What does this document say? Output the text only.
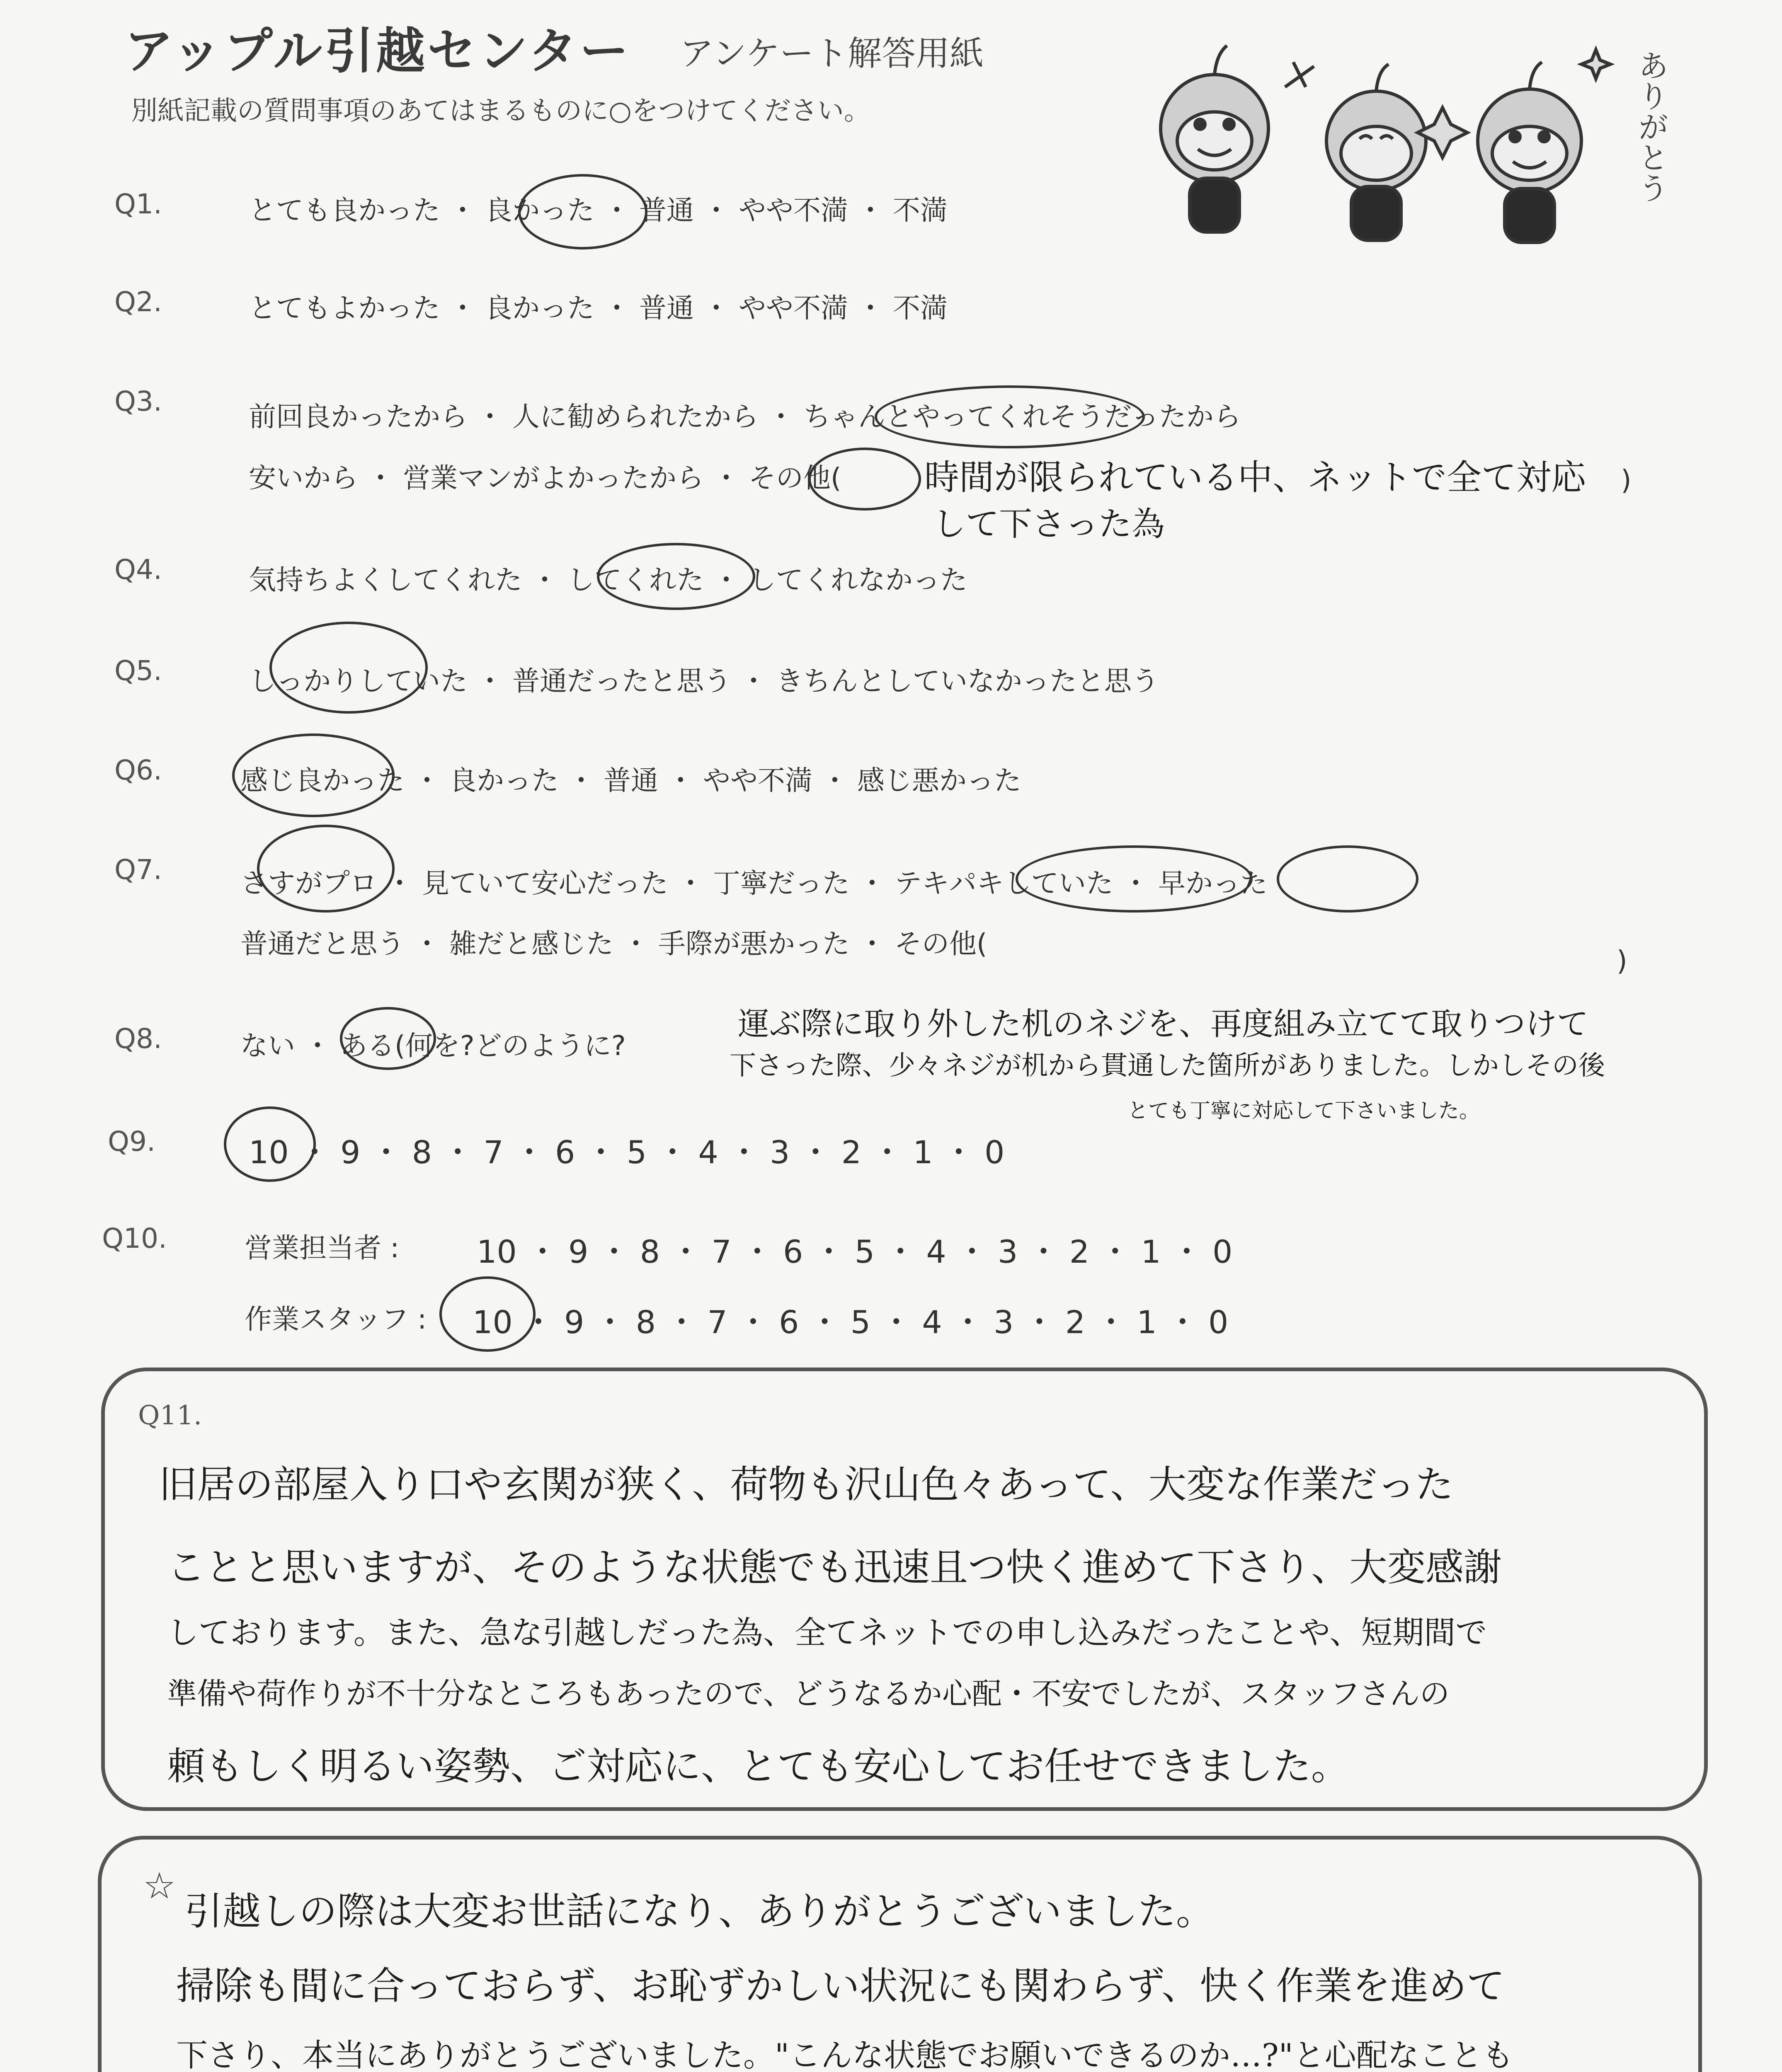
アップル引越センター アンケート解答用紙
別紙記載の質問事項のあてはまるものに○をつけてください。	ありがとう
Q1.	とても良かった ・ 良かった ・ 普通 ・ やや不満 ・ 不満
Q2.	とてもよかった ・ 良かった ・ 普通 ・ やや不満 ・ 不満
Q3.	前回良かったから ・ 人に勧められたから ・ ちゃんとやってくれそうだったから
安いから ・ 営業マンがよかったから ・ その他( 時間が限られている中、ネットで全て対応 )
して下さった為
Q4.	気持ちよくしてくれた ・ してくれた ・ してくれなかった
Q5.	しっかりしていた ・ 普通だったと思う ・ きちんとしていなかったと思う
Q6.	感じ良かった ・ 良かった ・ 普通 ・ やや不満 ・ 感じ悪かった
Q7.	さすがプロ ・ 見ていて安心だった ・ 丁寧だった ・ テキパキしていた ・ 早かった
普通だと思う ・ 雑だと感じた ・ 手際が悪かった ・ その他(
)
Q8.	ない ・ ある(何を?どのように?
運ぶ際に取り外した机のネジを、再度組み立てて取りつけて
下さった際、少々ネジが机から貫通した箇所がありました。しかしその後
とても丁寧に対応して下さいました。
Q9.	10 ・ 9 ・ 8 ・ 7 ・ 6 ・ 5 ・ 4 ・ 3 ・ 2 ・ 1 ・ 0
Q10.	営業担当者 : 10 ・ 9 ・ 8 ・ 7 ・ 6 ・ 5 ・ 4 ・ 3 ・ 2 ・ 1 ・ 0
作業スタッフ : 10 ・ 9 ・ 8 ・ 7 ・ 6 ・ 5 ・ 4 ・ 3 ・ 2 ・ 1 ・ 0
Q11.
旧居の部屋入り口や玄関が狭く、荷物も沢山色々あって、大変な作業だった
ことと思いますが、そのような状態でも迅速且つ快く進めて下さり、大変感謝
しております。また、急な引越しだった為、全てネットでの申し込みだったことや、短期間で
準備や荷作りが不十分なところもあったので、どうなるか心配・不安でしたが、スタッフさんの
頼もしく明るい姿勢、ご対応に、とても安心してお任せできました。
☆
引越しの際は大変お世話になり、ありがとうございました。
掃除も間に合っておらず、お恥ずかしい状況にも関わらず、快く作業を進めて
下さり、本当にありがとうございました。"こんな状態でお願いできるのか…?"と心配なことも
